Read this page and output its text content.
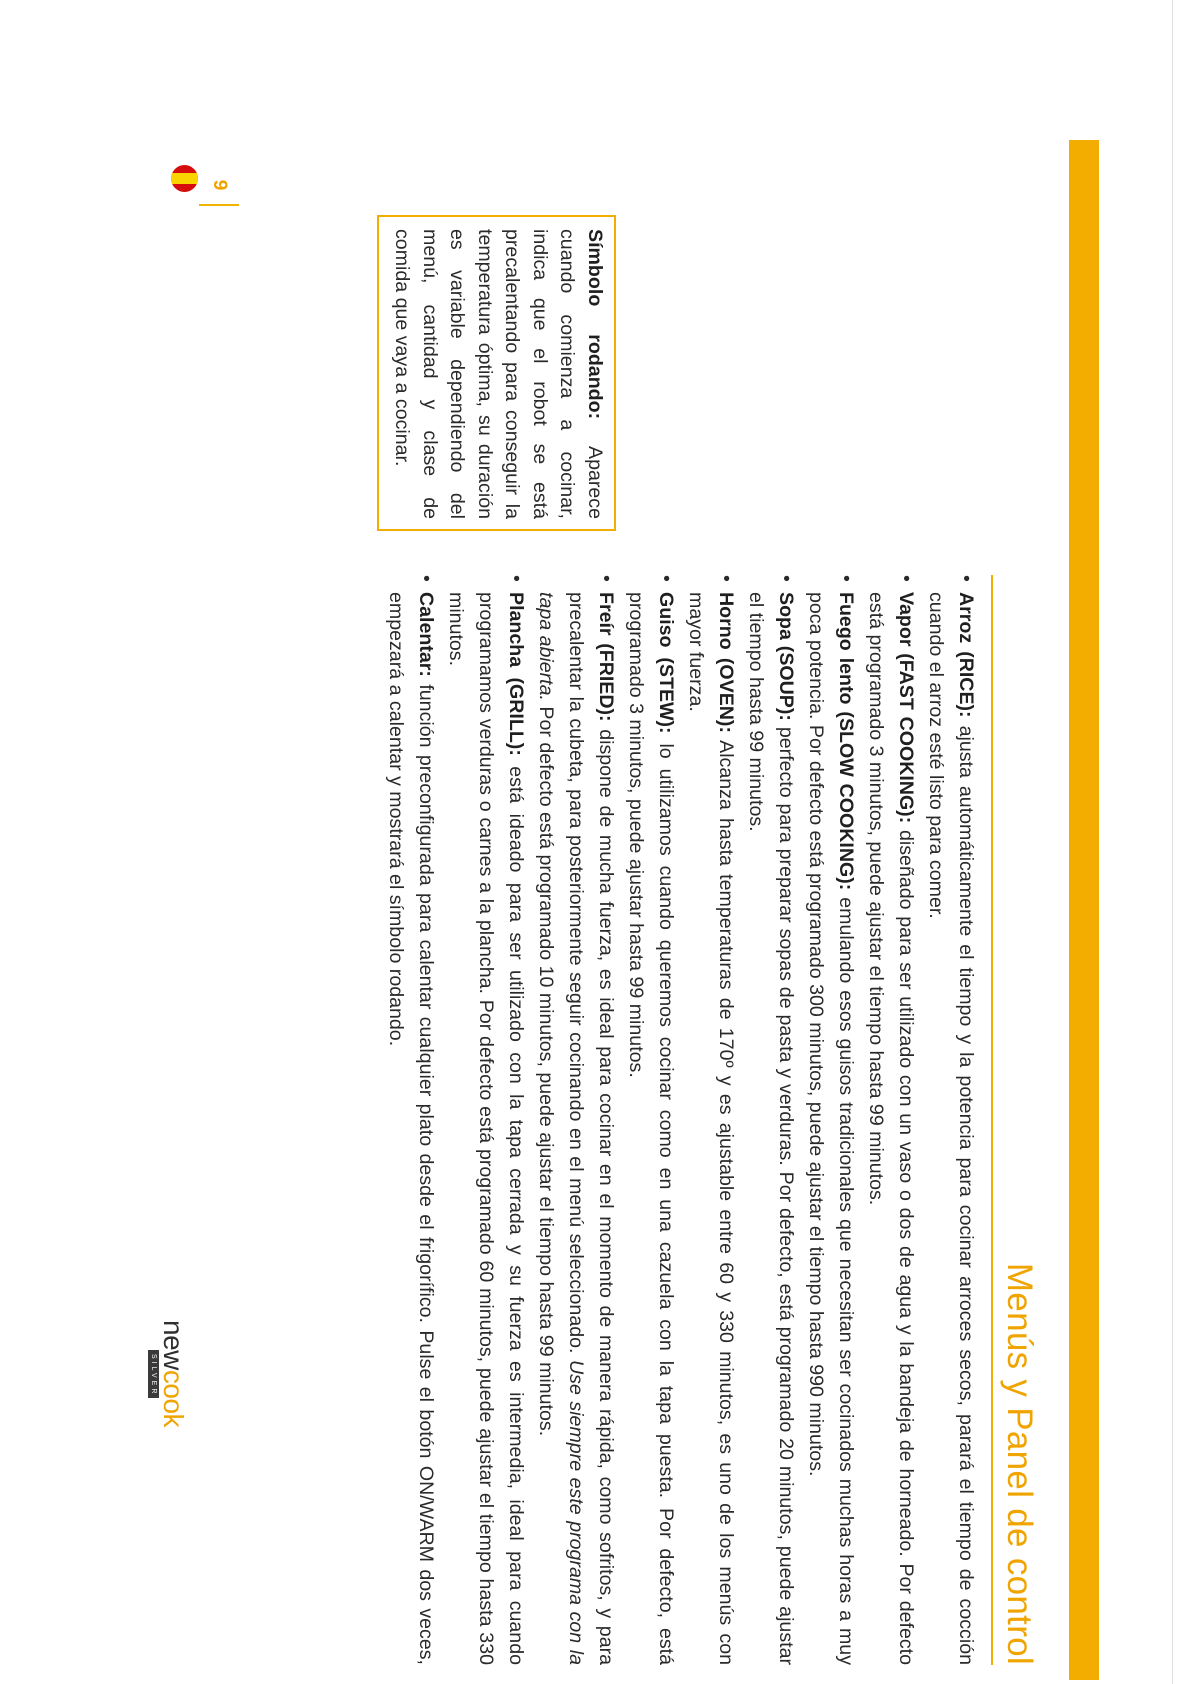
Menús y Panel de control
•
Arroz (RICE): ajusta automáticamente el tiempo y la potencia para cocinar arroces secos, parará el tiempo de cocción cuando el arroz esté listo para comer.
•
Vapor (FAST COOKING): diseñado para ser utilizado con un vaso o dos de agua y la bandeja de horneado. Por defecto está programado 3 minutos, puede ajustar el tiempo hasta 99 minutos.
•
Fuego lento (SLOW COOKING): emulando esos guisos tradicionales que necesitan ser cocinados muchas horas a muy poca potencia. Por defecto está programado 300 minutos, puede ajustar el tiempo hasta 990 minutos.
•
Sopa (SOUP): perfecto para preparar sopas de pasta y verduras. Por defecto, está programado 20 minutos, puede ajustar el tiempo hasta 99 minutos.
•
Horno (OVEN): Alcanza hasta temperaturas de 170º y es ajustable entre 60 y 330 minutos, es uno de los menús con mayor fuerza.
•
Guiso (STEW): lo utilizamos cuando queremos cocinar como en una cazuela con la tapa puesta. Por defecto, está programado 3 minutos, puede ajustar hasta 99 minutos.
•
Freír (FRIED): dispone de mucha fuerza, es ideal para cocinar en el momento de manera rápida, como sofritos, y para precalentar la cubeta, para posteriormente seguir cocinando en el menú seleccionado. Use siempre este programa con la tapa abierta. Por defecto está programado 10 minutos, puede ajustar el tiempo hasta 99 minutos.
•
Plancha (GRILL): está ideado para ser utilizado con la tapa cerrada y su fuerza es intermedia, ideal para cuando programamos verduras o carnes a la plancha. Por defecto está programado 60 minutos, puede ajustar el tiempo hasta 330 minutos.
•
Calentar: función preconfigurada para calentar cualquier plato desde el frigorífico. Pulse el botón ON/WARM dos veces, empezará a calentar y mostrará el símbolo rodando.
Símbolo rodando: Aparece cuando comienza a cocinar, indica que el robot se está precalentando para conseguir la temperatura óptima, su duración es variable dependiendo del menú, cantidad y clase de comida que vaya a cocinar.
9
newcook
SILVER
